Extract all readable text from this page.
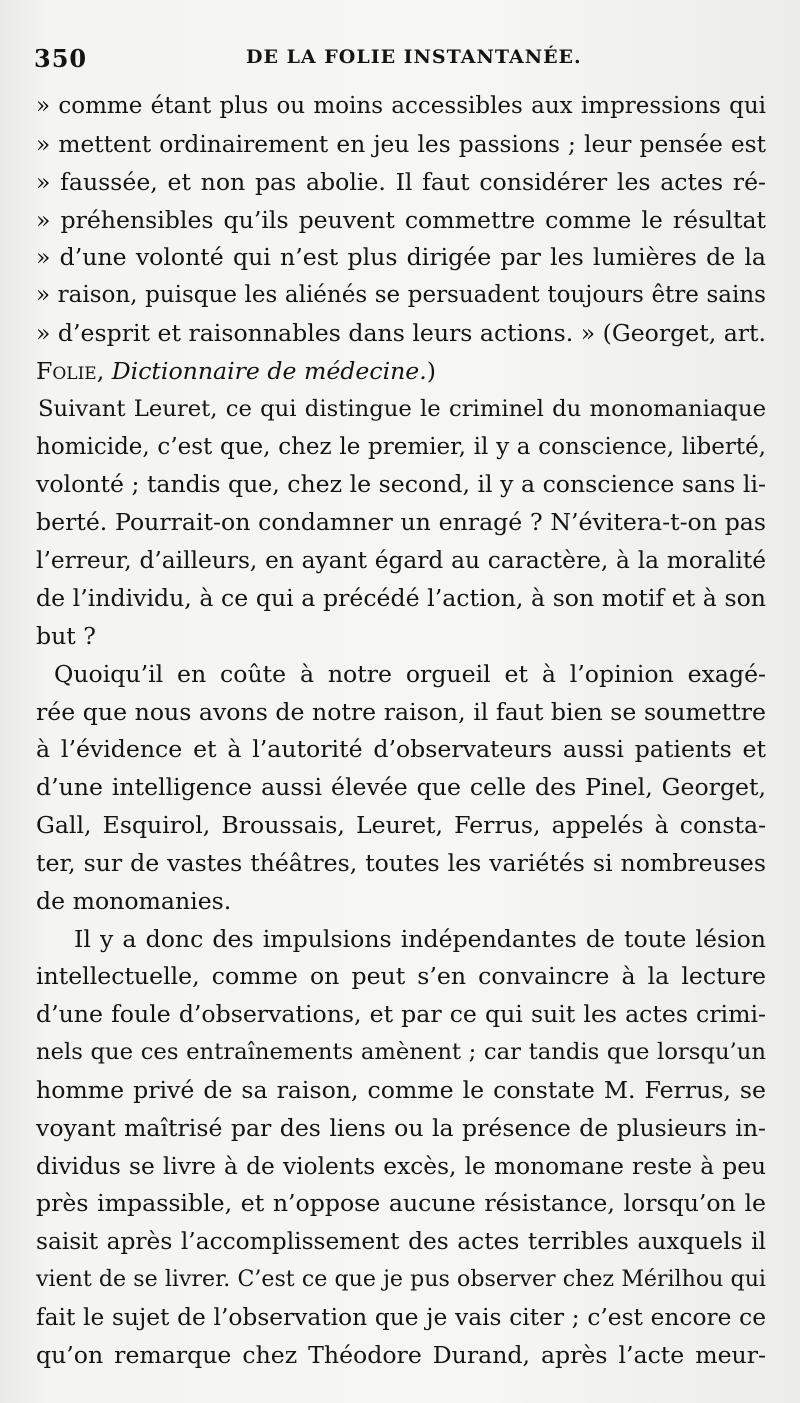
350	DE LA FOLIE INSTANTANÉE.
» comme étant plus ou moins accessibles aux impressions qui
» mettent ordinairement en jeu les passions ; leur pensée est
» faussée, et non pas abolie. Il faut considérer les actes ré-
» préhensibles qu’ils peuvent commettre comme le résultat
» d’une volonté qui n’est plus dirigée par les lumières de la
» raison, puisque les aliénés se persuadent toujours être sains
» d’esprit et raisonnables dans leurs actions. » (Georget, art.
Folie, Dictionnaire de médecine.)
Suivant Leuret, ce qui distingue le criminel du monomaniaque
homicide, c’est que, chez le premier, il y a conscience, liberté,
volonté ; tandis que, chez le second, il y a conscience sans li-
berté. Pourrait-on condamner un enragé ? N’évitera-t-on pas
l’erreur, d’ailleurs, en ayant égard au caractère, à la moralité
de l’individu, à ce qui a précédé l’action, à son motif et à son
but ?
Quoiqu’il en coûte à notre orgueil et à l’opinion exagé-
rée que nous avons de notre raison, il faut bien se soumettre
à l’évidence et à l’autorité d’observateurs aussi patients et
d’une intelligence aussi élevée que celle des Pinel, Georget,
Gall, Esquirol, Broussais, Leuret, Ferrus, appelés à consta-
ter, sur de vastes théâtres, toutes les variétés si nombreuses
de monomanies.
Il y a donc des impulsions indépendantes de toute lésion
intellectuelle, comme on peut s’en convaincre à la lecture
d’une foule d’observations, et par ce qui suit les actes crimi-
nels que ces entraînements amènent ; car tandis que lorsqu’un
homme privé de sa raison, comme le constate M. Ferrus, se
voyant maîtrisé par des liens ou la présence de plusieurs in-
dividus se livre à de violents excès, le monomane reste à peu
près impassible, et n’oppose aucune résistance, lorsqu’on le
saisit après l’accomplissement des actes terribles auxquels il
vient de se livrer. C’est ce que je pus observer chez Mérilhou qui
fait le sujet de l’observation que je vais citer ; c’est encore ce
qu’on remarque chez Théodore Durand, après l’acte meur-
